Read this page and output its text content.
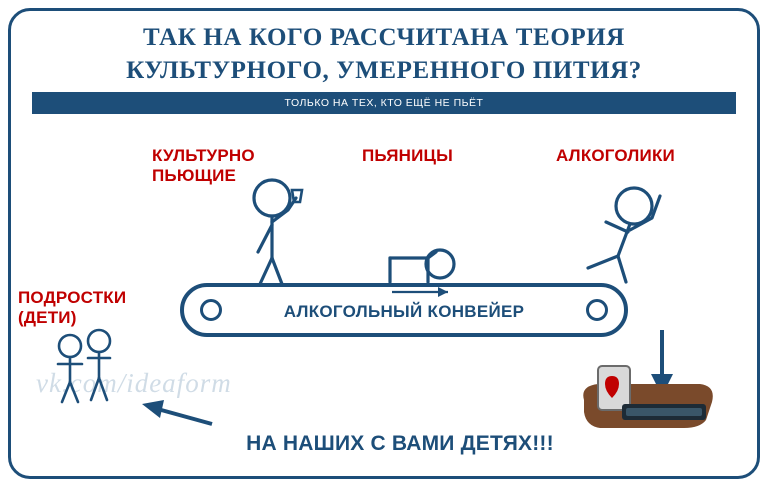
ТАК НА КОГО РАССЧИТАНА ТЕОРИЯ
КУЛЬТУРНОГО, УМЕРЕННОГО ПИТИЯ?
ТОЛЬКО НА ТЕХ, КТО ЕЩЁ НЕ ПЬЁТ
КУЛЬТУРНО
ПЬЮЩИЕ
ПЬЯНИЦЫ	АЛКОГОЛИКИ
ПОДРОСТКИ
(ДЕТИ)	АЛКОГОЛЬНЫЙ КОНВЕЙЕР
vk.com/ideaform
НА НАШИХ С ВАМИ ДЕТЯХ!!!
